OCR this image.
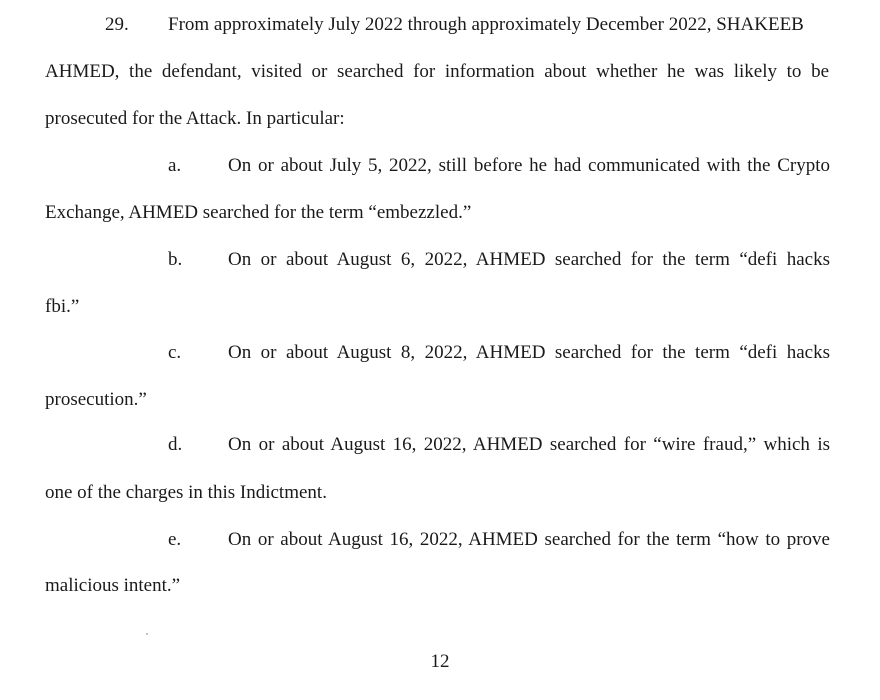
29. From approximately July 2022 through approximately December 2022, SHAKEEB
AHMED, the defendant, visited or searched for information about whether he was likely to be
prosecuted for the Attack. In particular:
a. On or about July 5, 2022, still before he had communicated with the Crypto
Exchange, AHMED searched for the term “embezzled.”
b. On or about August 6, 2022, AHMED searched for the term “defi hacks
fbi.”
c. On or about August 8, 2022, AHMED searched for the term “defi hacks
prosecution.”
d. On or about August 16, 2022, AHMED searched for “wire fraud,” which is
one of the charges in this Indictment.
e. On or about August 16, 2022, AHMED searched for the term “how to prove
malicious intent.”
12
